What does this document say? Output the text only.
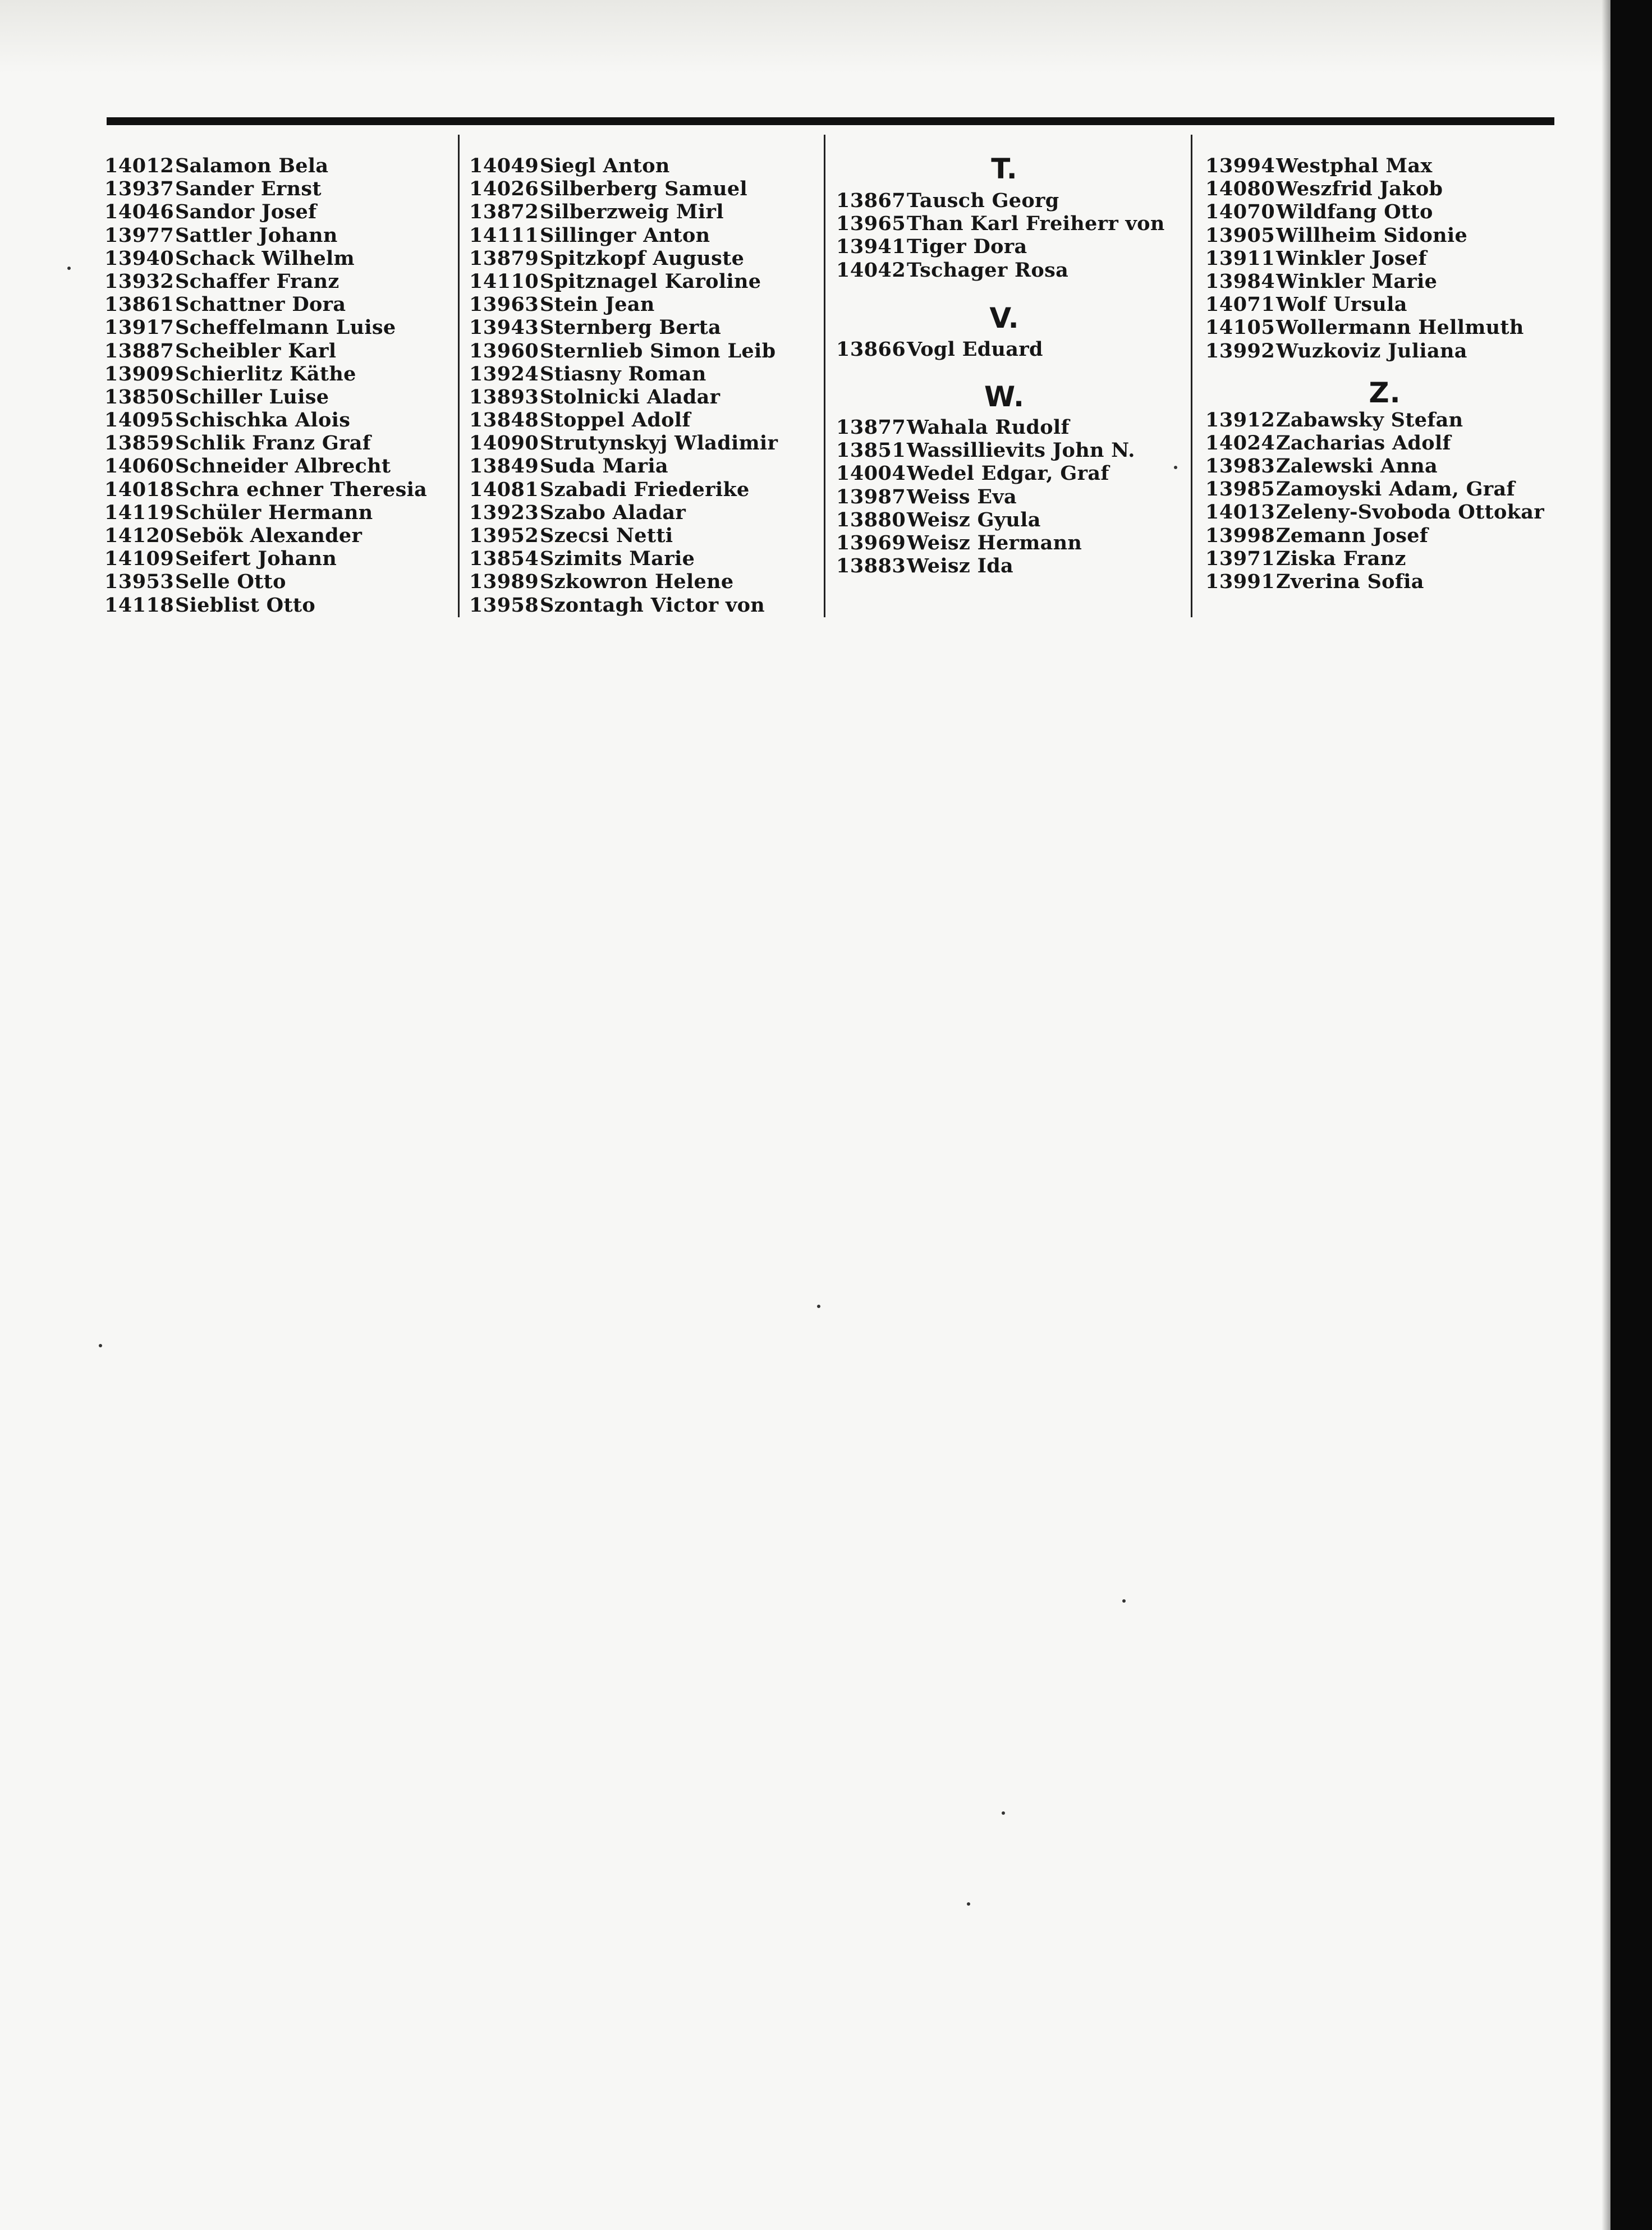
14012Salamon Bela
13937Sander Ernst
14046Sandor Josef
13977Sattler Johann
13940Schack Wilhelm
13932Schaffer Franz
13861Schattner Dora
13917Scheffelmann Luise
13887Scheibler Karl
13909Schierlitz Käthe
13850Schiller Luise
14095Schischka Alois
13859Schlik Franz Graf
14060Schneider Albrecht
14018Schra echner Theresia
14119Schüler Hermann
14120Sebök Alexander
14109Seifert Johann
13953Selle Otto
14118Sieblist Otto
14049Siegl Anton
14026Silberberg Samuel
13872Silberzweig Mirl
14111Sillinger Anton
13879Spitzkopf Auguste
14110Spitznagel Karoline
13963Stein Jean
13943Sternberg Berta
13960Sternlieb Simon Leib
13924Stiasny Roman
13893Stolnicki Aladar
13848Stoppel Adolf
14090Strutynskyj Wladimir
13849Suda Maria
14081Szabadi Friederike
13923Szabo Aladar
13952Szecsi Netti
13854Szimits Marie
13989Szkowron Helene
13958Szontagh Victor von
T.
13867Tausch Georg
13965Than Karl Freiherr von
13941Tiger Dora
14042Tschager Rosa
V.
13866Vogl Eduard
W.
13877Wahala Rudolf
13851Wassillievits John N.
14004Wedel Edgar, Graf
13987Weiss Eva
13880Weisz Gyula
13969Weisz Hermann
13883Weisz Ida
13994Westphal Max
14080Weszfrid Jakob
14070Wildfang Otto
13905Willheim Sidonie
13911Winkler Josef
13984Winkler Marie
14071Wolf Ursula
14105Wollermann Hellmuth
13992Wuzkoviz Juliana
Z.
13912Zabawsky Stefan
14024Zacharias Adolf
13983Zalewski Anna
13985Zamoyski Adam, Graf
14013Zeleny-Svoboda Ottokar
13998Zemann Josef
13971Ziska Franz
13991Zverina Sofia
